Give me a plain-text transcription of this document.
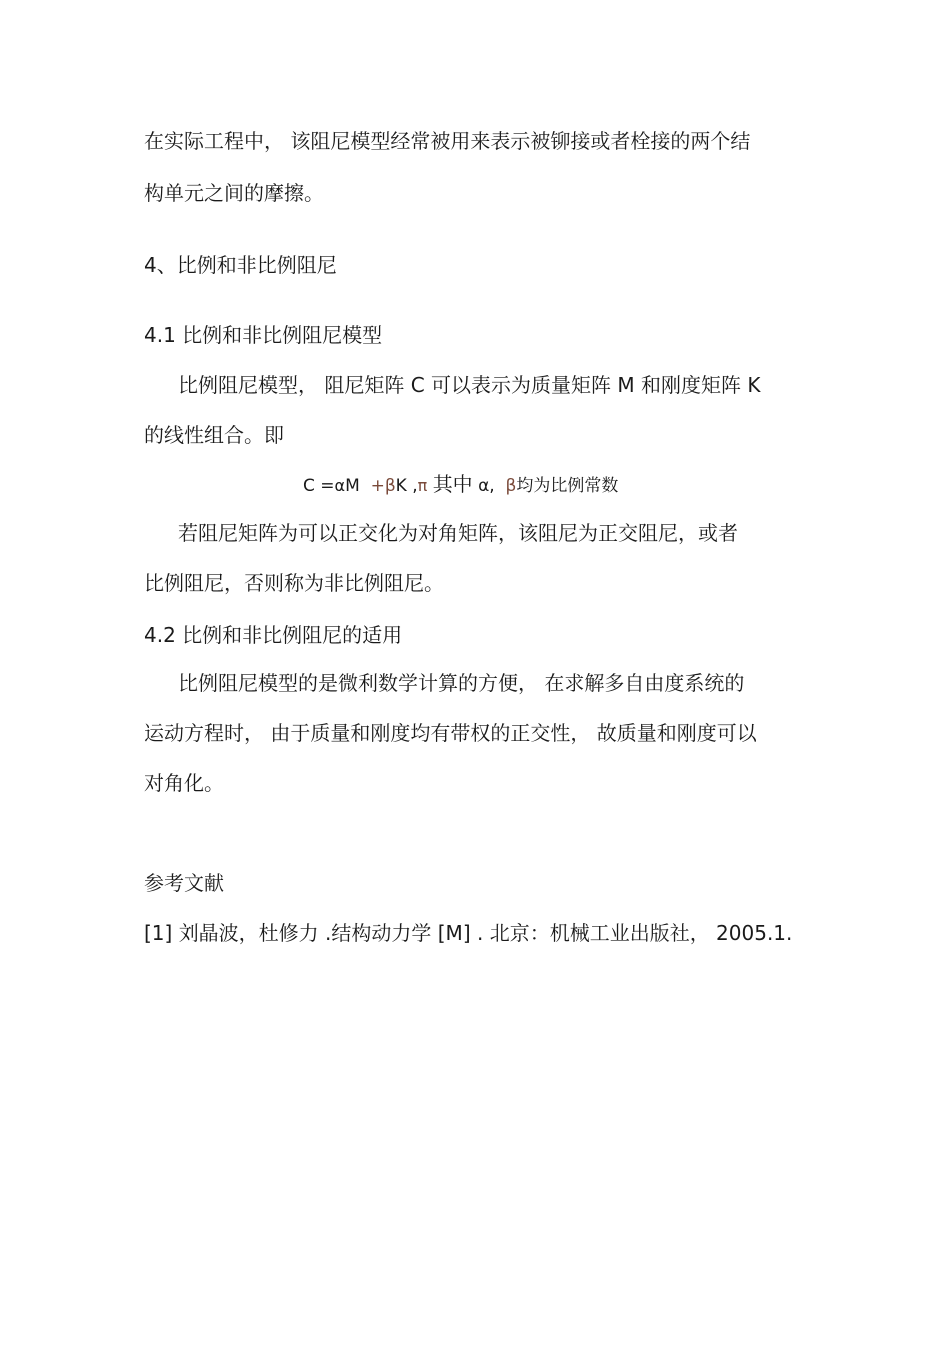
在实际工程中， 该阻尼模型经常被用来表示被铆接或者栓接的两个结
构单元之间的摩擦。
4、比例和非比例阻尼
4.1 比例和非比例阻尼模型
比例阻尼模型， 阻尼矩阵 C 可以表示为质量矩阵 M 和刚度矩阵 K
的线性组合。即
C =αM +βK ,π 其中 α, β均为比例常数
若阻尼矩阵为可以正交化为对角矩阵，该阻尼为正交阻尼，或者
比例阻尼，否则称为非比例阻尼。
4.2 比例和非比例阻尼的适用
比例阻尼模型的是微利数学计算的方便， 在求解多自由度系统的
运动方程时， 由于质量和刚度均有带权的正交性， 故质量和刚度可以
对角化。
参考文献
[1] 刘晶波，杜修力 .结构动力学 [M] . 北京：机械工业出版社， 2005.1.
